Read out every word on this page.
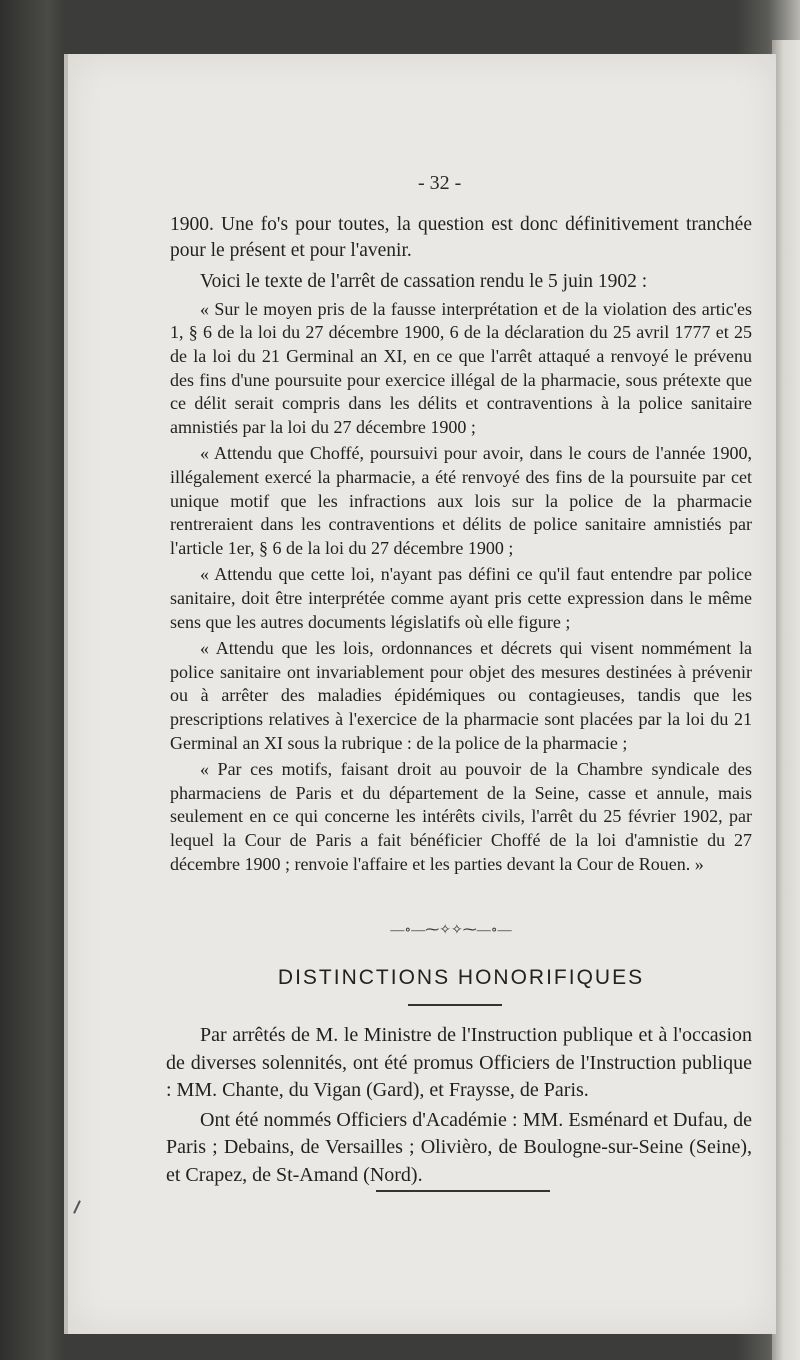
- 32 -

1900. Une fo's pour toutes, la question est donc définitivement tranchée pour le présent et pour l'avenir.

Voici le texte de l'arrêt de cassation rendu le 5 juin 1902 :

« Sur le moyen pris de la fausse interprétation et de la violation des artic'es 1, § 6 de la loi du 27 décembre 1900, 6 de la déclaration du 25 avril 1777 et 25 de la loi du 21 Germinal an XI, en ce que l'arrêt attaqué a renvoyé le prévenu des fins d'une poursuite pour exercice illégal de la pharmacie, sous prétexte que ce délit serait compris dans les délits et contraventions à la police sanitaire amnistiés par la loi du 27 décembre 1900 ;

« Attendu que Choffé, poursuivi pour avoir, dans le cours de l'année 1900, illégalement exercé la pharmacie, a été renvoyé des fins de la poursuite par cet unique motif que les infractions aux lois sur la police de la pharmacie rentreraient dans les contraventions et délits de police sanitaire amnistiés par l'article 1er, § 6 de la loi du 27 décembre 1900 ;

« Attendu que cette loi, n'ayant pas défini ce qu'il faut entendre par police sanitaire, doit être interprétée comme ayant pris cette expression dans le même sens que les autres documents législatifs où elle figure ;

« Attendu que les lois, ordonnances et décrets qui visent nommément la police sanitaire ont invariablement pour objet des mesures destinées à prévenir ou à arrêter des maladies épidémiques ou contagieuses, tandis que les prescriptions relatives à l'exercice de la pharmacie sont placées par la loi du 21 Germinal an XI sous la rubrique : de la police de la pharmacie ;

« Par ces motifs, faisant droit au pouvoir de la Chambre syndicale des pharmaciens de Paris et du département de la Seine, casse et annule, mais seulement en ce qui concerne les intérêts civils, l'arrêt du 25 février 1902, par lequel la Cour de Paris a fait bénéficier Choffé de la loi d'amnistie du 27 décembre 1900 ; renvoie l'affaire et les parties devant la Cour de Rouen. »

—∘—⁓✧✧⁓—∘—
DISTINCTIONS HONORIFIQUES

Par arrêtés de M. le Ministre de l'Instruction publique et à l'occasion de diverses solennités, ont été promus Officiers de l'Instruction publique : MM. Chante, du Vigan (Gard), et Fraysse, de Paris.

Ont été nommés Officiers d'Académie : MM. Esménard et Dufau, de Paris ; Debains, de Versailles ; Olivièro, de Boulogne-sur-Seine (Seine), et Crapez, de St-Amand (Nord).
